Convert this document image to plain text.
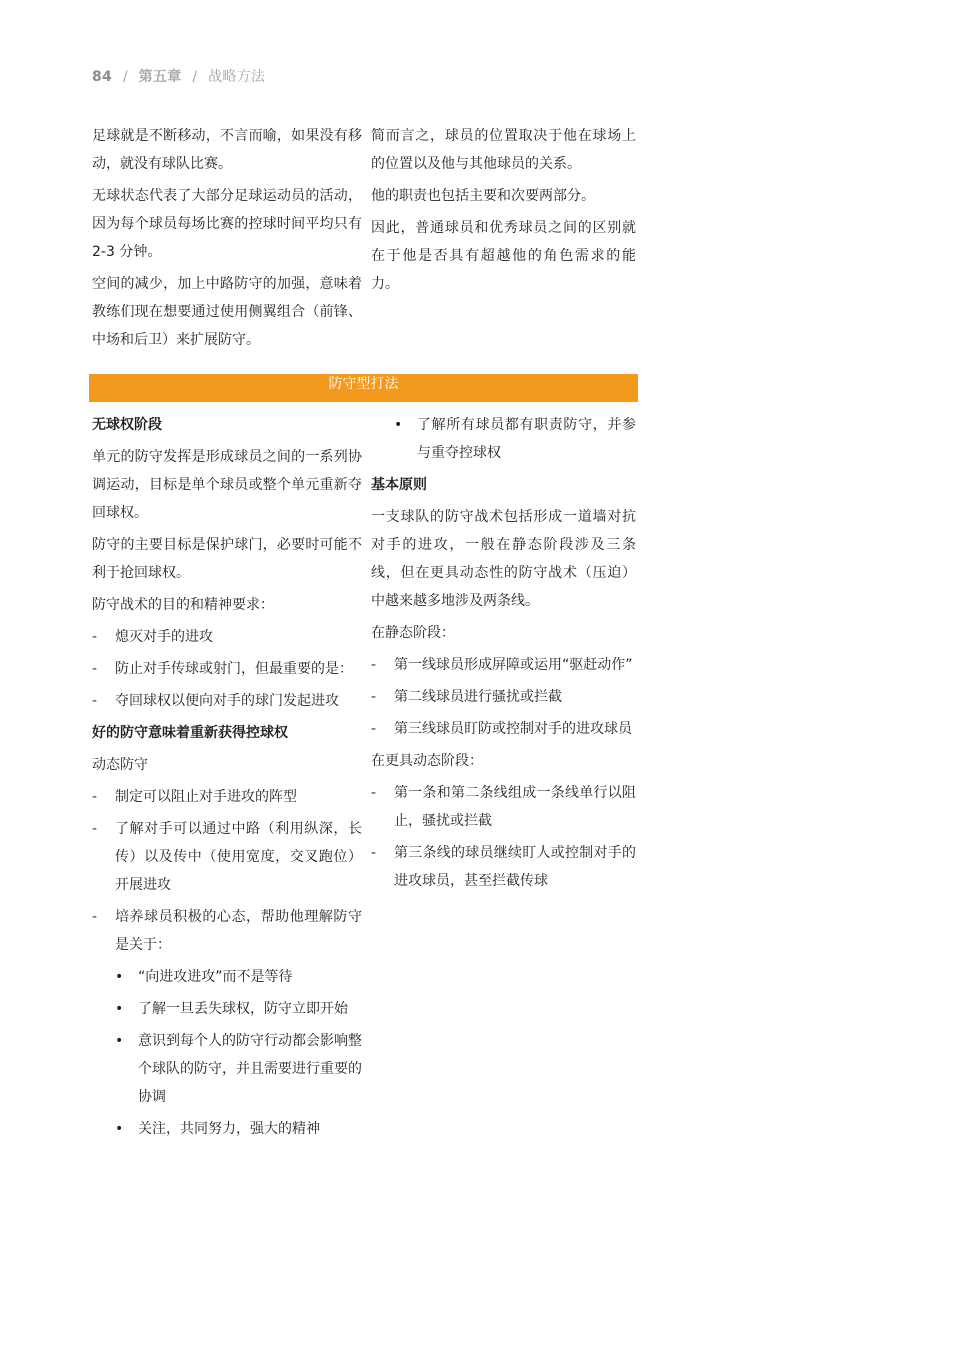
84 / 第五章 / 战略方法

足球就是不断移动，不言而喻，如果没有移动，就没有球队比赛。

无球状态代表了大部分足球运动员的活动，因为每个球员每场比赛的控球时间平均只有 2-3 分钟。

空间的减少，加上中路防守的加强，意味着教练们现在想要通过使用侧翼组合（前锋、中场和后卫）来扩展防守。

简而言之，球员的位置取决于他在球场上的位置以及他与其他球员的关系。

他的职责也包括主要和次要两部分。

因此，普通球员和优秀球员之间的区别就在于他是否具有超越他的角色需求的能力。

防守型打法
无球权阶段

单元的防守发挥是形成球员之间的一系列协调运动，目标是单个球员或整个单元重新夺回球权。

防守的主要目标是保护球门，必要时可能不利于抢回球权。

防守战术的目的和精神要求：

-	熄灭对手的进攻
-	防止对手传球或射门，但最重要的是：
-	夺回球权以便向对手的球门发起进攻
好的防守意味着重新获得控球权

动态防守

-	制定可以阻止对手进攻的阵型
-	了解对手可以通过中路（利用纵深，长传）以及传中（使用宽度，交叉跑位）开展进攻
-	培养球员积极的心态，帮助他理解防守是关于：
•	“向进攻进攻”而不是等待
•	了解一旦丢失球权，防守立即开始
•	意识到每个人的防守行动都会影响整个球队的防守，并且需要进行重要的协调
•	关注，共同努力，强大的精神
•	了解所有球员都有职责防守，并参与重夺控球权
基本原则

一支球队的防守战术包括形成一道墙对抗对手的进攻，一般在静态阶段涉及三条线，但在更具动态性的防守战术（压迫）中越来越多地涉及两条线。

在静态阶段：

-	第一线球员形成屏障或运用“驱赶动作”
-	第二线球员进行骚扰或拦截
-	第三线球员盯防或控制对手的进攻球员

在更具动态阶段：

-	第一条和第二条线组成一条线单行以阻止，骚扰或拦截
-	第三条线的球员继续盯人或控制对手的进攻球员，甚至拦截传球
